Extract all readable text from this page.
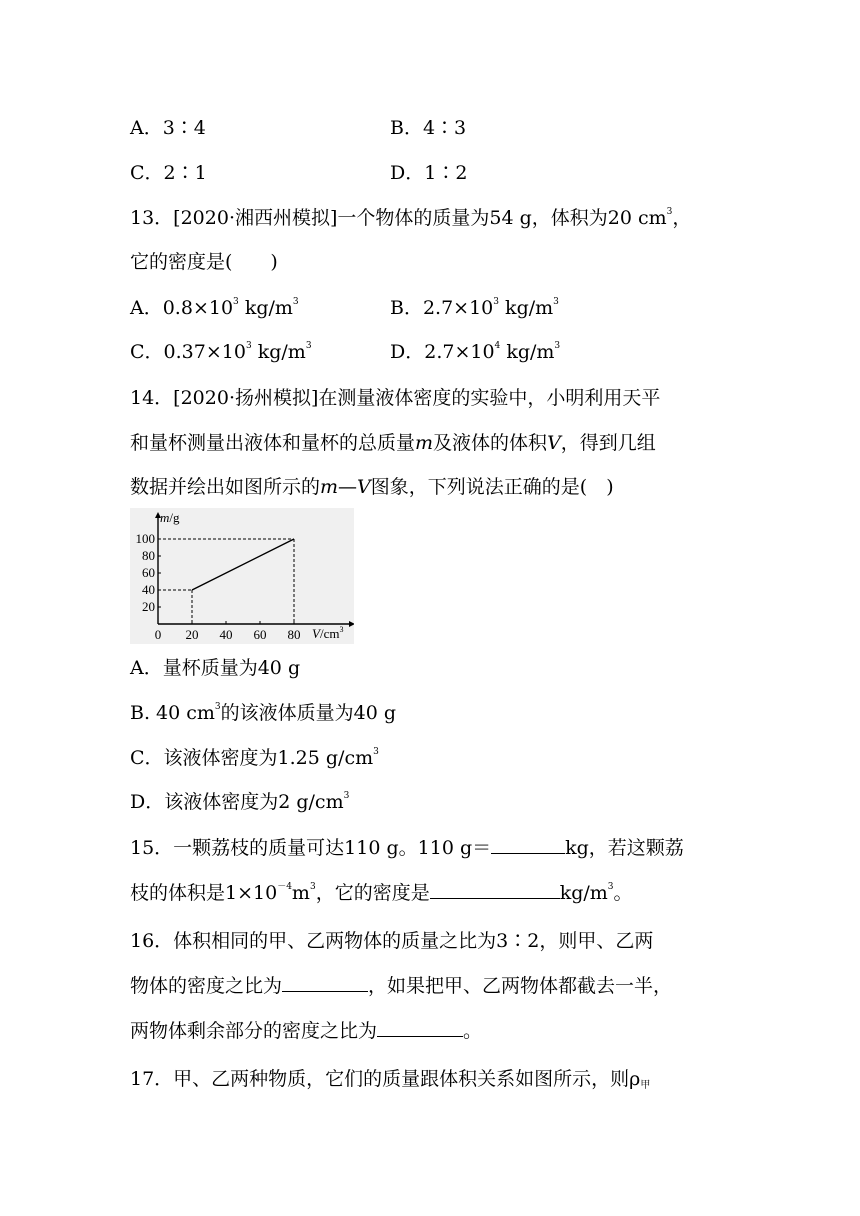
A．3∶4	B．4∶3
C．2∶1	D．1∶2
13．[2020·湘西州模拟]一个物体的质量为54 g，体积为20 $cm^3$，
它的密度是(　　)
A．$0.8\times 10^3$ $kg/m^3$	B．$2.7\times 10^3$ $kg/m^3$
C．$0.37\times 10^3$ $kg/m^3$	D．$2.7\times 10^4$ $kg/m^3$
14．[2020·扬州模拟]在测量液体密度的实验中，小明利用天平
和量杯测量出液体和量杯的总质量m及液体的体积V，得到几组
数据并绘出如图所示的m—V图象，下列说法正确的是(　)
0 20 40 60 80
20
40
60
80
100
m/g
$V/cm^3$
A．量杯质量为40 g
B. 40 $cm^3$的该液体质量为40 g
C．该液体密度为1.25 $g/cm^3$
D．该液体密度为2 $g/cm^3$
15．一颗荔枝的质量可达110 g。110 g＝	kg，若这颗荔
枝的体积是$1\times 10^{-4}m^3$，它的密度是	$kg/m^3$。
16．体积相同的甲、乙两物体的质量之比为3∶2，则甲、乙两
物体的密度之比为	，如果把甲、乙两物体都截去一半，
两物体剩余部分的密度之比为	。
17．甲、乙两种物质，它们的质量跟体积关系如图所示，则$\rho_甲$
